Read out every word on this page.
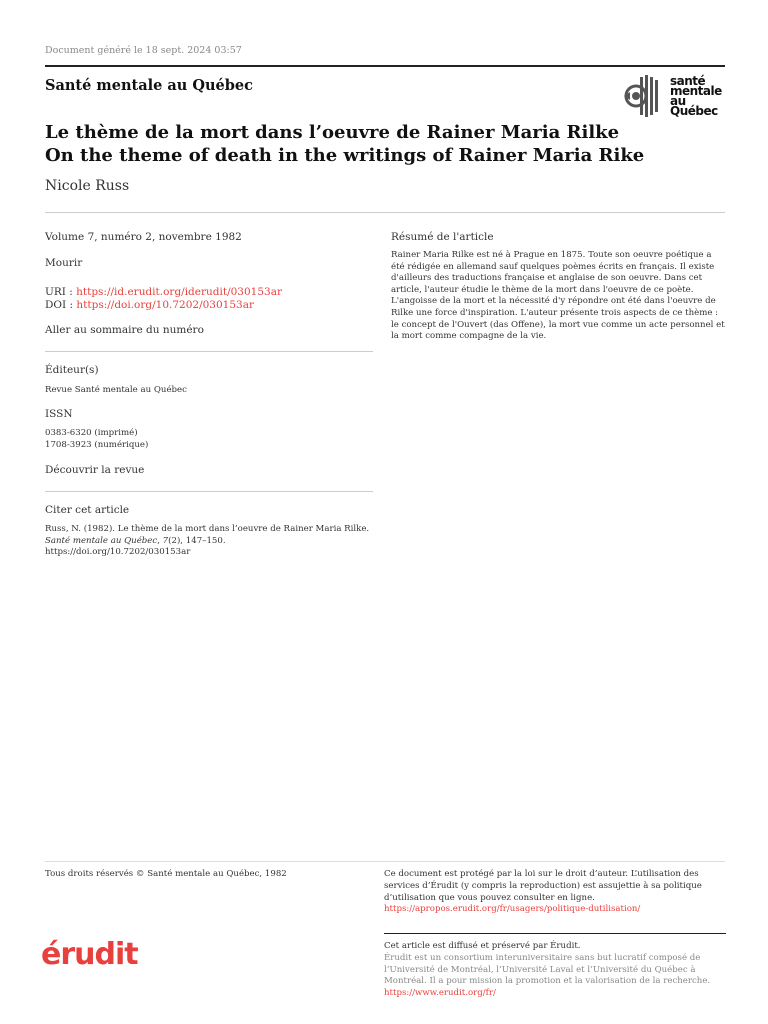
Document généré le 18 sept. 2024 03:57
Santé mentale au Québec	santé
mentale
au Québec
Le thème de la mort dans l’oeuvre de Rainer Maria Rilke
On the theme of death in the writings of Rainer Maria Rike
Nicole Russ
Volume 7, numéro 2, novembre 1982
Mourir
URI : https://id.erudit.org/iderudit/030153ar
DOI : https://doi.org/10.7202/030153ar
Aller au sommaire du numéro
Éditeur(s)
Revue Santé mentale au Québec
ISSN
0383-6320 (imprimé)
1708-3923 (numérique)
Découvrir la revue
Citer cet article
Russ, N. (1982). Le thème de la mort dans l’oeuvre de Rainer Maria Rilke. Santé mentale au Québec, 7(2), 147–150. https://doi.org/10.7202/030153ar
Résumé de l'article
Rainer Maria Rilke est né à Prague en 1875. Toute son oeuvre poétique a été rédigée en allemand sauf quelques poèmes écrits en français. Il existe d'ailleurs des traductions française et anglaise de son oeuvre. Dans cet article, l'auteur étudie le thème de la mort dans l'oeuvre de ce poète. L'angoisse de la mort et la nécessité d'y répondre ont été dans l'oeuvre de Rilke une force d'inspiration. L'auteur présente trois aspects de ce thème : le concept de l'Ouvert (das Offene), la mort vue comme un acte personnel et la mort comme compagne de la vie.
Tous droits réservés © Santé mentale au Québec, 1982	Ce document est protégé par la loi sur le droit d’auteur. L’utilisation des services d’Érudit (y compris la reproduction) est assujettie à sa politique d’utilisation que vous pouvez consulter en ligne.
https://apropos.erudit.org/fr/usagers/politique-dutilisation/
érudit	Cet article est diffusé et préservé par Érudit.
Érudit est un consortium interuniversitaire sans but lucratif composé de l’Université de Montréal, l’Université Laval et l’Université du Québec à Montréal. Il a pour mission la promotion et la valorisation de la recherche.
https://www.erudit.org/fr/
